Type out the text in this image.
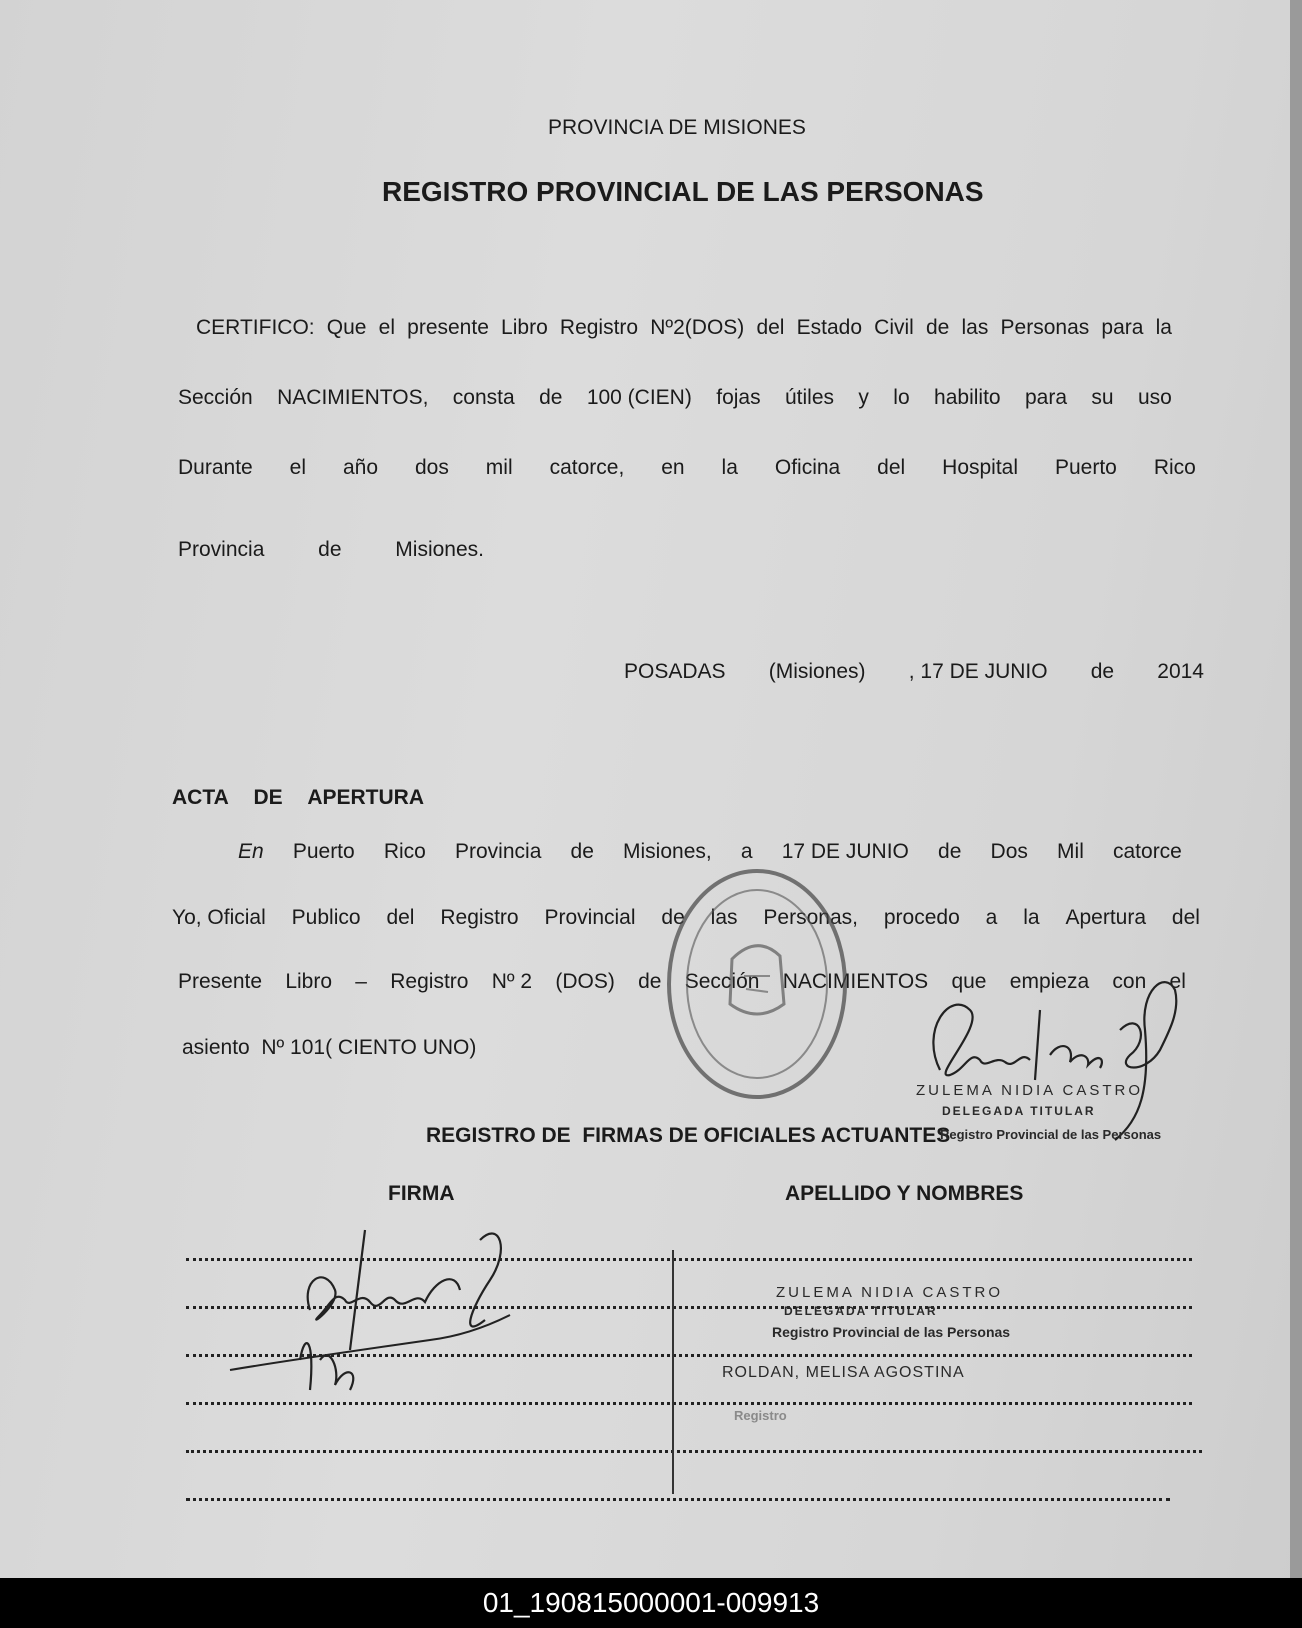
PROVINCIA DE MISIONES
REGISTRO PROVINCIAL DE LAS PERSONAS
CERTIFICO: Que el presente Libro Registro Nº2(DOS) del Estado Civil de las Personas para la
Sección NACIMIENTOS, consta de 100 (CIEN) fojas útiles y lo habilito para su uso
Durante el año dos mil catorce, en la Oficina del Hospital Puerto Rico
Provincia	de	Misiones.
POSADAS (Misiones) , 17 DE JUNIO de 2014
ACTA DE APERTURA
En Puerto Rico Provincia de Misiones, a 17 DE JUNIO de Dos Mil catorce
Yo, Oficial Publico del Registro Provincial de las Personas, procedo a la Apertura del
Presente Libro – Registro Nº 2 (DOS) de Sección NACIMIENTOS que empieza con el
asiento  Nº 101( CIENTO UNO)
ZULEMA NIDIA CASTRO
DELEGADA TITULAR
REGISTRO DE  FIRMAS DE OFICIALES ACTUANTES
Registro Provincial de las Personas
FIRMA	APELLIDO Y NOMBRES
ZULEMA NIDIA CASTRO
DELEGADA TITULAR
Registro Provincial de las Personas
ROLDAN, MELISA AGOSTINA
Registro
01_190815000001-009913
